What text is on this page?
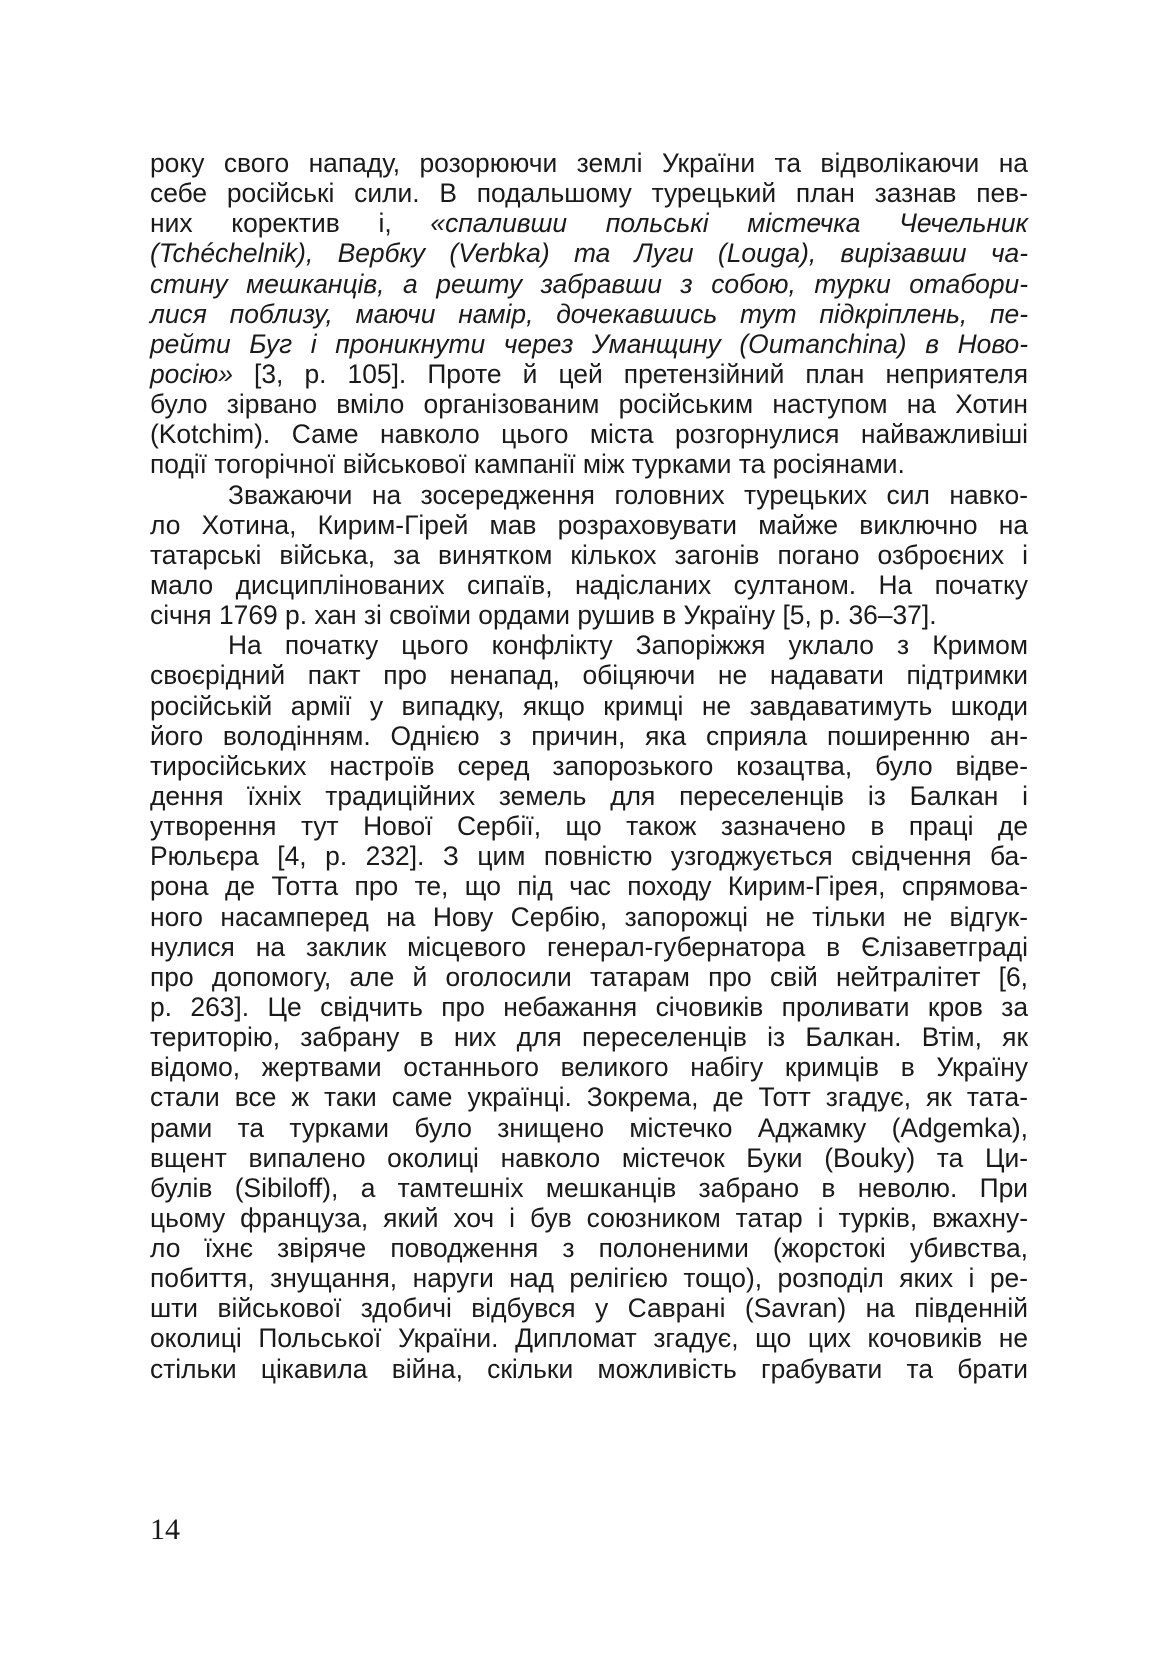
року свого нападу, розорюючи землі України та відволікаючи на
себе російські сили. В подальшому турецький план зазнав пев-
них коректив і, «спаливши польські містечка Чечельник
(Tchéchelnik), Вербку (Verbka) та Луги (Louga), вирізавши ча-
стину мешканців, а решту забравши з собою, турки отабори-
лися поблизу, маючи намір, дочекавшись тут підкріплень, пе-
рейти Буг і проникнути через Уманщину (Oumanchina) в Ново-
росію» [3, p. 105]. Проте й цей претензійний план неприятеля
було зірвано вміло організованим російським наступом на Хотин
(Kotchim). Саме навколо цього міста розгорнулися найважливіші
події тогорічної військової кампанії між турками та росіянами.
Зважаючи на зосередження головних турецьких сил навко-
ло Хотина, Кирим-Гірей мав розраховувати майже виключно на
татарські війська, за винятком кількох загонів погано озброєних і
мало дисциплінованих сипаїв, надісланих султаном. На початку
січня 1769 р. хан зі своїми ордами рушив в Україну [5, p. 36–37].
На початку цього конфлікту Запоріжжя уклало з Кримом
своєрідний пакт про ненапад, обіцяючи не надавати підтримки
російській армії у випадку, якщо кримці не завдаватимуть шкоди
його володінням. Однією з причин, яка сприяла поширенню ан-
тиросійських настроїв серед запорозького козацтва, було відве-
дення їхніх традиційних земель для переселенців із Балкан і
утворення тут Нової Сербії, що також зазначено в праці де
Рюльєра [4, p. 232]. З цим повністю узгоджується свідчення ба-
рона де Тотта про те, що під час походу Кирим-Гірея, спрямова-
ного насамперед на Нову Сербію, запорожці не тільки не відгук-
нулися на заклик місцевого генерал-губернатора в Єлізаветграді
про допомогу, але й оголосили татарам про свій нейтралітет [6,
p. 263]. Це свідчить про небажання січовиків проливати кров за
територію, забрану в них для переселенців із Балкан. Втім, як
відомо, жертвами останнього великого набігу кримців в Україну
стали все ж таки саме українці. Зокрема, де Тотт згадує, як тата-
рами та турками було знищено містечко Аджамку (Adgemka),
вщент випалено околиці навколо містечок Буки (Bouky) та Ци-
булів (Sibiloff), а тамтешніх мешканців забрано в неволю. При
цьому француза, який хоч і був союзником татар і турків, вжахну-
ло їхнє звіряче поводження з полоненими (жорстокі убивства,
побиття, знущання, наруги над релігією тощо), розподіл яких і ре-
шти військової здобичі відбувся у Саврані (Savran) на південній
околиці Польської України. Дипломат згадує, що цих кочовиків не
стільки цікавила війна, скільки можливість грабувати та брати
14
